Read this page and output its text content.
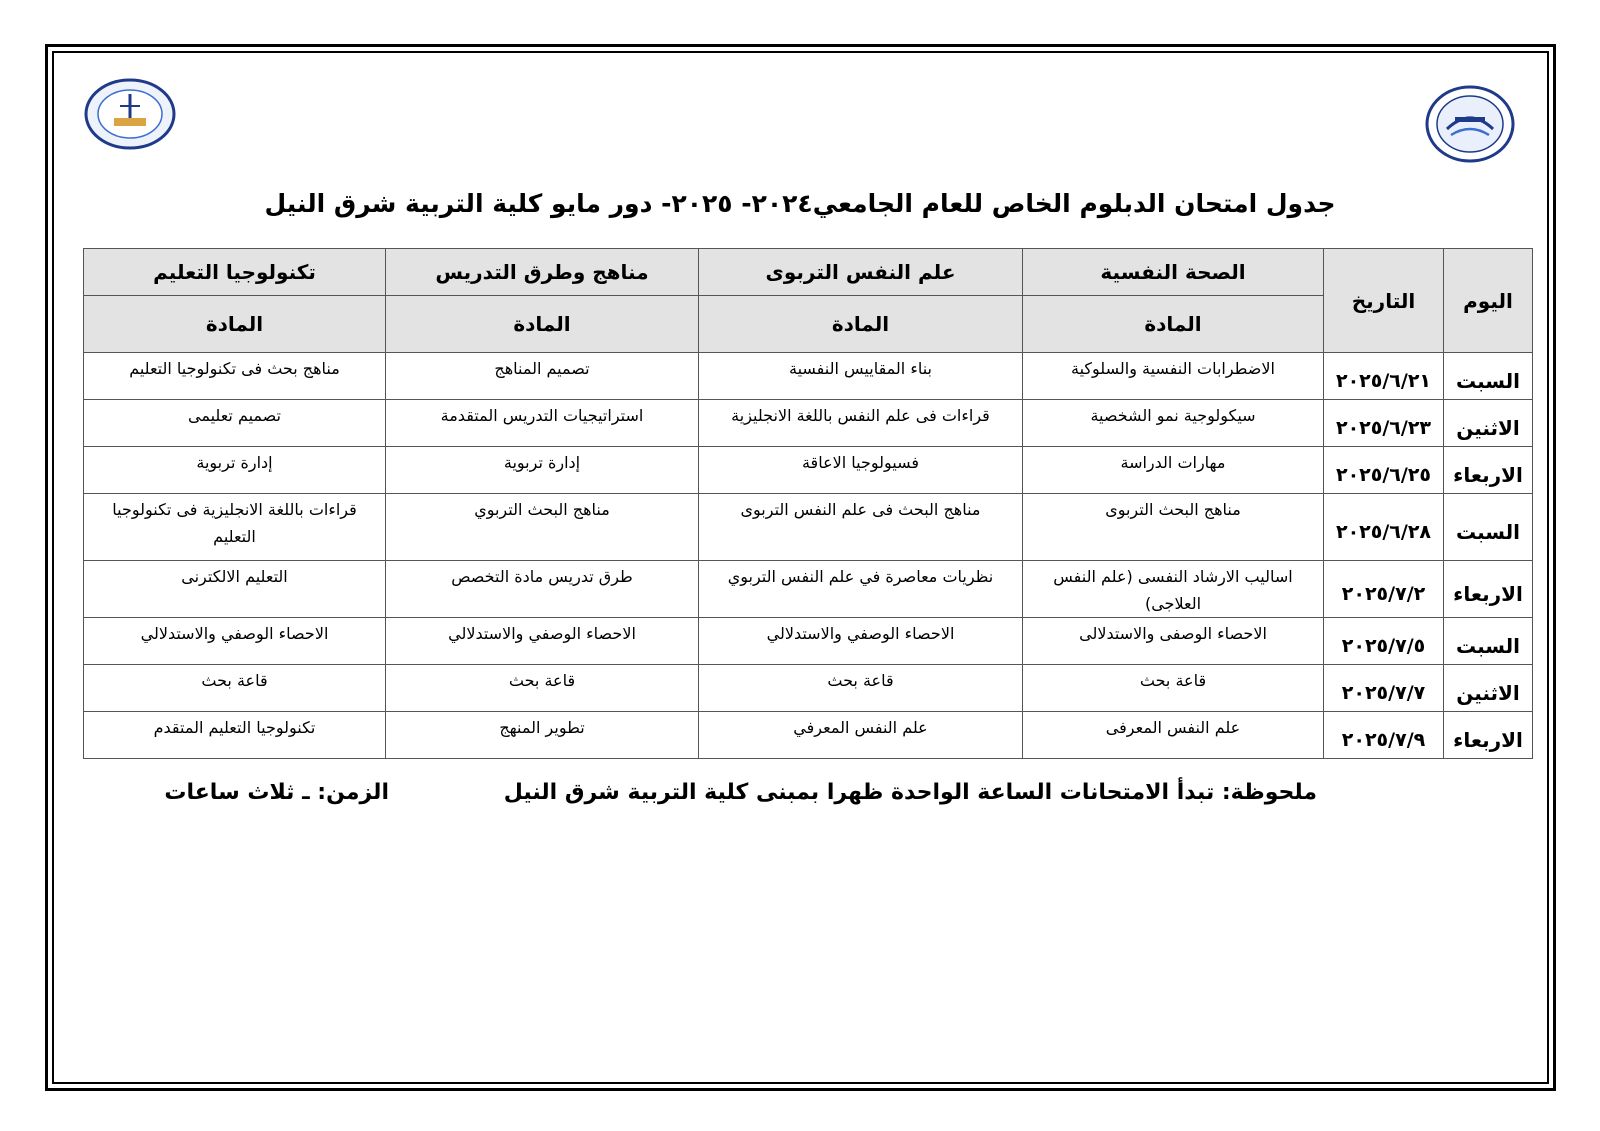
جدول امتحان الدبلوم الخاص للعام الجامعي٢٠٢٤- ٢٠٢٥- دور مايو كلية التربية شرق النيل
اليوم	التاريخ	الصحة النفسية	علم النفس التربوى	مناهج وطرق التدريس	تكنولوجيا التعليم
		المادة	المادة	المادة	المادة
السبت	٢٠٢٥/٦/٢١	الاضطرابات النفسية والسلوكية	بناء المقاييس النفسية	تصميم المناهج	مناهج بحث فى تكنولوجيا التعليم
الاثنين	٢٠٢٥/٦/٢٣	سيكولوجية نمو الشخصية	قراءات فى علم النفس باللغة الانجليزية	استراتيجيات التدريس المتقدمة	تصميم تعليمى
الاربعاء	٢٠٢٥/٦/٢٥	مهارات الدراسة	فسيولوجيا الاعاقة	إدارة تربوية	إدارة تربوية
السبت	٢٠٢٥/٦/٢٨	مناهج البحث التربوى	مناهج البحث فى علم النفس التربوى	مناهج البحث التربوي	قراءات باللغة الانجليزية فى تكنولوجيا التعليم
الاربعاء	٢٠٢٥/٧/٢	اساليب الارشاد النفسى (علم النفس العلاجى)	نظريات معاصرة في علم النفس التربوي	طرق تدريس مادة التخصص	التعليم الالكترنى
السبت	٢٠٢٥/٧/٥	الاحصاء الوصفى والاستدلالى	الاحصاء الوصفي والاستدلالي	الاحصاء الوصفي والاستدلالي	الاحصاء الوصفي والاستدلالي
الاثنين	٢٠٢٥/٧/٧	قاعة بحث	قاعة بحث	قاعة بحث	قاعة بحث
الاربعاء	٢٠٢٥/٧/٩	علم النفس المعرفى	علم النفس المعرفي	تطوير المنهج	تكنولوجيا التعليم المتقدم
ملحوظة: تبدأ الامتحانات الساعة الواحدة ظهرا بمبنى كلية التربية شرق النيل
الزمن: ـ ثلاث ساعات
